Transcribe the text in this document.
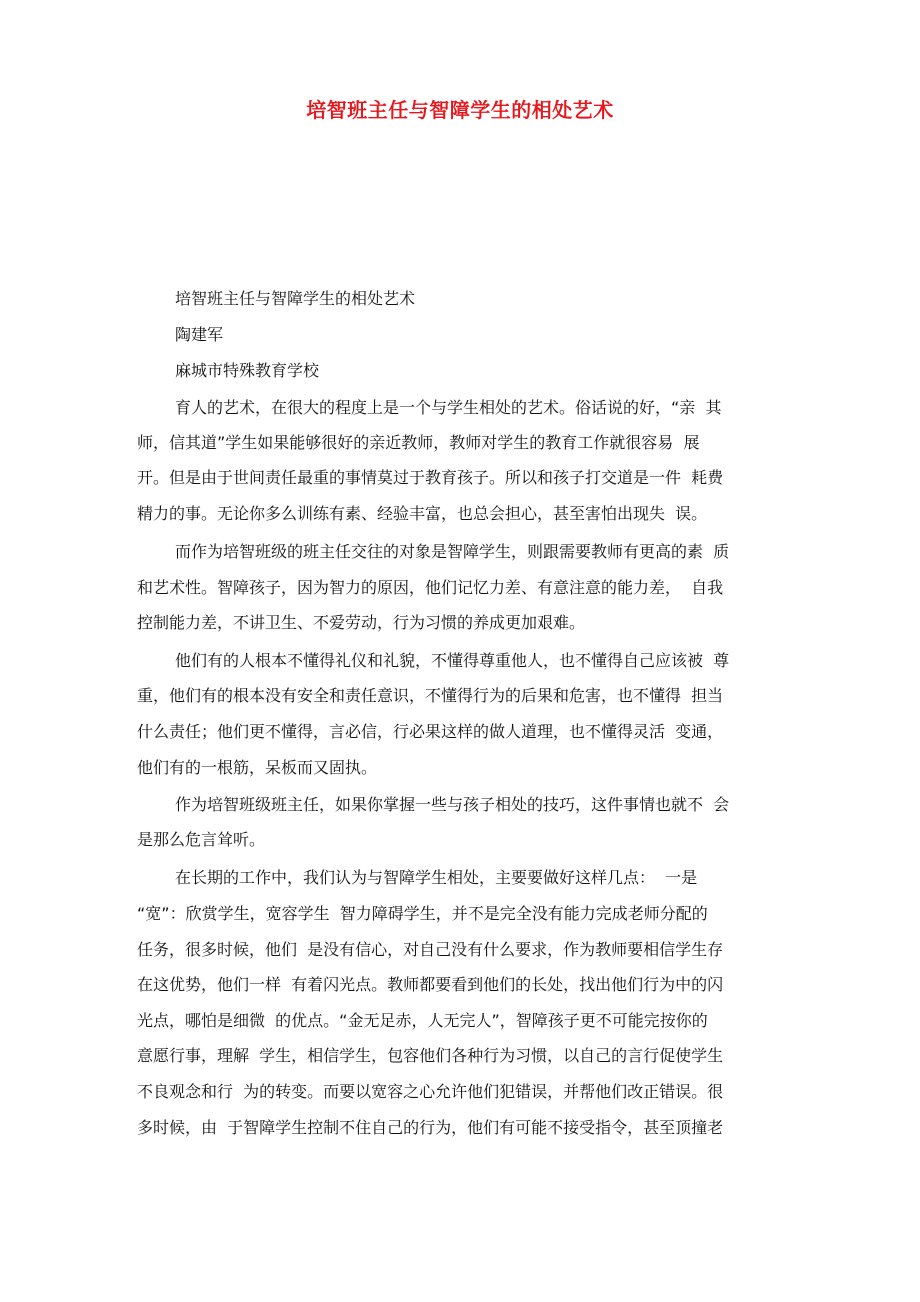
培智班主任与智障学生的相处艺术
培智班主任与智障学生的相处艺术
陶建军
麻城市特殊教育学校
育人的艺术，在很大的程度上是一个与学生相处的艺术。俗话说的好，“亲  其
师，信其道”学生如果能够很好的亲近教师，教师对学生的教育工作就很容易  展
开。但是由于世间责任最重的事情莫过于教育孩子。所以和孩子打交道是一件  耗费
精力的事。无论你多么训练有素、经验丰富，也总会担心，甚至害怕出现失  误。
而作为培智班级的班主任交往的对象是智障学生，则跟需要教师有更高的素  质
和艺术性。智障孩子，因为智力的原因，他们记忆力差、有意注意的能力差，  自我
控制能力差，不讲卫生、不爱劳动，行为习惯的养成更加艰难。
他们有的人根本不懂得礼仪和礼貌，不懂得尊重他人，也不懂得自己应该被  尊
重，他们有的根本没有安全和责任意识，不懂得行为的后果和危害，也不懂得  担当
什么责任；他们更不懂得，言必信，行必果这样的做人道理，也不懂得灵活  变通，
他们有的一根筋，呆板而又固执。
作为培智班级班主任，如果你掌握一些与孩子相处的技巧，这件事情也就不  会
是那么危言耸听。
在长期的工作中，我们认为与智障学生相处，主要要做好这样几点：  一是
“宽”：欣赏学生，宽容学生  智力障碍学生，并不是完全没有能力完成老师分配的
任务，很多时候，他们  是没有信心，对自己没有什么要求，作为教师要相信学生存
在这优势，他们一样  有着闪光点。教师都要看到他们的长处，找出他们行为中的闪
光点，哪怕是细微  的优点。“金无足赤，人无完人”，智障孩子更不可能完按你的
意愿行事，理解  学生，相信学生，包容他们各种行为习惯，以自己的言行促使学生
不良观念和行  为的转变。而要以宽容之心允许他们犯错误，并帮他们改正错误。很
多时候，由  于智障学生控制不住自己的行为，他们有可能不接受指令，甚至顶撞老
